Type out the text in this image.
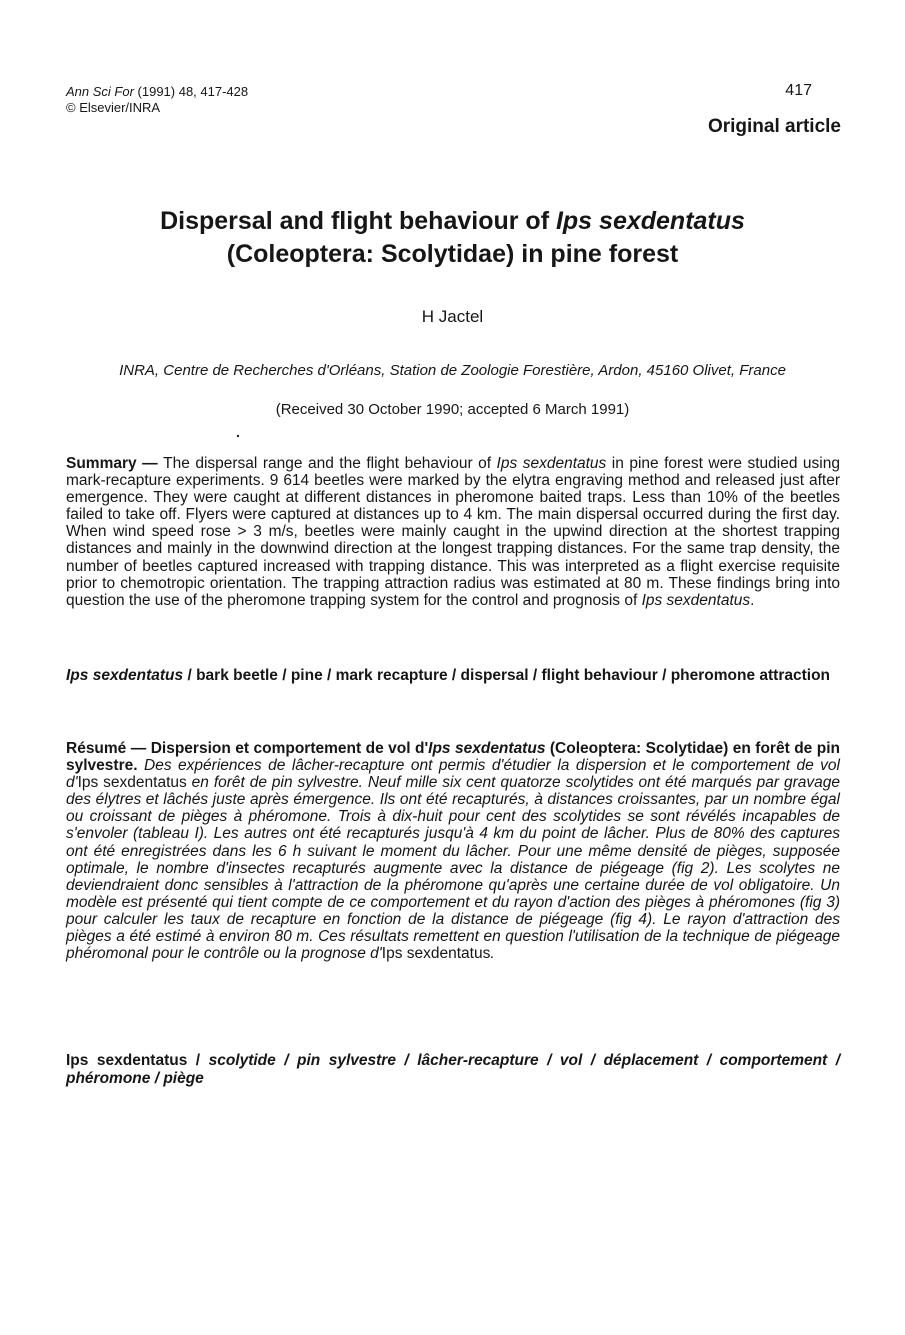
Ann Sci For (1991) 48, 417-428
© Elsevier/INRA
417
Original article
Dispersal and flight behaviour of Ips sexdentatus
(Coleoptera: Scolytidae) in pine forest
H Jactel
INRA, Centre de Recherches d'Orléans, Station de Zoologie Forestière, Ardon, 45160 Olivet, France
(Received 30 October 1990; accepted 6 March 1991)
.
Summary — The dispersal range and the flight behaviour of Ips sexdentatus in pine forest were studied using mark-recapture experiments. 9 614 beetles were marked by the elytra engraving method and released just after emergence. They were caught at different distances in pheromone baited traps. Less than 10% of the beetles failed to take off. Flyers were captured at distances up to 4 km. The main dispersal occurred during the first day. When wind speed rose > 3 m/s, beetles were mainly caught in the upwind direction at the shortest trapping distances and mainly in the downwind direction at the longest trapping distances. For the same trap density, the number of beetles captured increased with trapping distance. This was interpreted as a flight exercise requisite prior to chemotropic orientation. The trapping attraction radius was estimated at 80 m. These findings bring into question the use of the pheromone trapping system for the control and prognosis of Ips sexdentatus.
Ips sexdentatus / bark beetle / pine / mark recapture / dispersal / flight behaviour / pheromone attraction
Résumé — Dispersion et comportement de vol d'Ips sexdentatus (Coleoptera: Scolytidae) en forêt de pin sylvestre. Des expériences de lâcher-recapture ont permis d'étudier la dispersion et le comportement de vol d'Ips sexdentatus en forêt de pin sylvestre. Neuf mille six cent quatorze scolytides ont été marqués par gravage des élytres et lâchés juste après émergence. Ils ont été recapturés, à distances croissantes, par un nombre égal ou croissant de pièges à phéromone. Trois à dix-huit pour cent des scolytides se sont révélés incapables de s'envoler (tableau I). Les autres ont été recapturés jusqu'à 4 km du point de lâcher. Plus de 80% des captures ont été enregistrées dans les 6 h suivant le moment du lâcher. Pour une même densité de pièges, supposée optimale, le nombre d'insectes recapturés augmente avec la distance de piégeage (fig 2). Les scolytes ne deviendraient donc sensibles à l'attraction de la phéromone qu'après une certaine durée de vol obligatoire. Un modèle est présenté qui tient compte de ce comportement et du rayon d'action des pièges à phéromones (fig 3) pour calculer les taux de recapture en fonction de la distance de piégeage (fig 4). Le rayon d'attraction des pièges a été estimé à environ 80 m. Ces résultats remettent en question l'utilisation de la technique de piégeage phéromonal pour le contrôle ou la prognose d'Ips sexdentatus.
Ips sexdentatus / scolytide / pin sylvestre / lâcher-recapture / vol / déplacement / comportement / phéromone / piège
